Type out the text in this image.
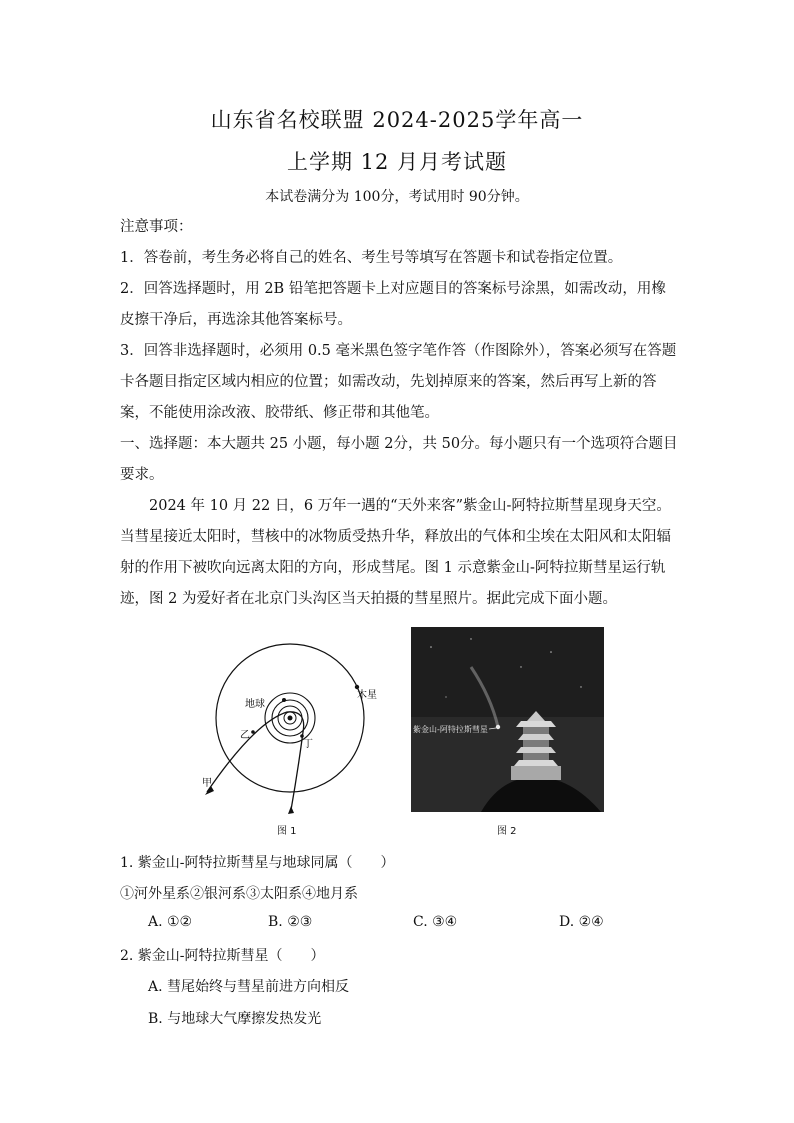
山东省名校联盟 2024-2025学年高一
上学期 12 月月考试题
本试卷满分为 100分，考试用时 90分钟。

注意事项：

1．答卷前，考生务必将自己的姓名、考生号等填写在答题卡和试卷指定位置。

2．回答选择题时，用 2B 铅笔把答题卡上对应题目的答案标号涂黑，如需改动，用橡皮擦干净后，再选涂其他答案标号。

3．回答非选择题时，必须用 0.5 毫米黑色签字笔作答（作图除外），答案必须写在答题卡各题目指定区域内相应的位置；如需改动，先划掉原来的答案，然后再写上新的答案，不能使用涂改液、胶带纸、修正带和其他笔。

一、选择题：本大题共 25 小题，每小题 2分，共 50分。每小题只有一个选项符合题目要求。

2024 年 10 月 22 日，6 万年一遇的“天外来客”紫金山-阿特拉斯彗星现身天空。当彗星接近太阳时，彗核中的冰物质受热升华，释放出的气体和尘埃在太阳风和太阳辐射的作用下被吹向远离太阳的方向，形成彗尾。图 1 示意紫金山-阿特拉斯彗星运行轨迹，图 2 为爱好者在北京门头沟区当天拍摄的彗星照片。据此完成下面小题。

地球
木星
甲
乙
丁
图 1
紫金山-阿特拉斯彗星
图 2
1. 紫金山-阿特拉斯彗星与地球同属（　　）
①河外星系②银河系③太阳系④地月系
A. ①②	B. ②③	C. ③④	D. ②④
2. 紫金山-阿特拉斯彗星（　　）
A. 彗尾始终与彗星前进方向相反
B. 与地球大气摩擦发热发光
